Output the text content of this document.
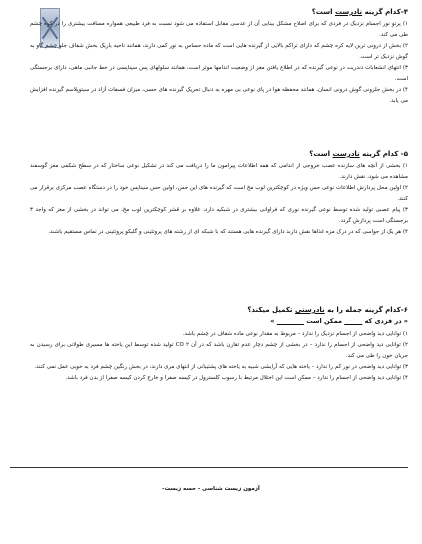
۴-کدام گزینه نادرست است؟

۱) پرتو نور اجسام نزدیک در فردی که برای اصلاح مشکل بینایی آن از عدسی مقابل استفاده می شود نسبت به فرد طبیعی همواره مسافت بیشتری را در کره چشم طی می کند.

۲) بخش از درونی ترین لایه کره چشم که دارای تراکم بالایی از گیرنده هایی است که ماده حساس به نور کمی دارند، همانند ناحیه باریک بخش شفاف جلو چشم گاو به گوش نزدیک تر است.

۳) انتهای انشعابات دندریت در نوعی گیرنده که در اطلاع یافتن مغز از وضعیت اندامها موثر است، همانند سلولهای پس سیناپسی در خط جانبی ماهی، دارای برجستگی است.

۴) در بخش حلزونی گوش درونی انسان، همانند محفظه هوا در پای نوعی بی مهره به دنبال تحریک گیرنده های حسی، میزان فسفات آزاد در سیتوپلاسم گیرنده افزایش می یابد.

۵- کدام گزینه نادرست است؟

۱) بخشی از آنچه های سازنده عصب خروجی از اندامی که همه اطلاعات پیرامون ما را دریافت می کند در تشکیل نوعی ساختار که در سطح شکمی مغز گوسفند مشاهده می شود، نقش دارند.

۲) اولین محل پردازش اطلاعات نوعی حس ویژه در کوچکترین لوب مخ است که گیرنده های این حس، اولین حس سیناپس خود را در دستگاه عصب مرکزی برقرار می کنند.

۳) پیام عصبی تولید شده توسط نوعی گیرنده نوری که فراوانی بیشتری در شبکیه دارد، علاوه بر قشر کوچکترین لوب مخ، می تواند در بخشی از مغز که واجد ۳ برجستگی است پردازش گردد.

۴) هر یک از حواسی که در درک مزه غذاها نقش دارند دارای گیرنده هایی هستند که با شبکه ای از رشته های پروتئینی و گلیکو پروتئینی در تماس مستقیم باشند.

۶-کدام گزینه جمله را به نادرستی تکمیل میکند؟

« در فردی که          ممکن است              »

۱) توانایی دید واضحی از اجسام نزدیک را ندارد – مربوط به مقدار نوعی ماده شفاف در چشم باشد.

۲) توانایی دید واضحی از اجسام را ندارد – در بخشی از چشم دچار عدم تقارن باشد که در آن CO ۲ تولید شده توسط این یاخته ها مسیری طولانی برای رسیدن به جریان خون را طی می کند.

۳) توانایی دید واضحی در نور کم را ندارد – یاخته هایی که آرایشی شبیه به یاخته های پشتیبانی از انتهای مری دارند، در بخش رنگین چشم فرد به خوبی عمل نمی کنند.

۴) توانایی دید واضحی از اجسام را ندارد – ممکن است این اختلال مرتبط با رسوب کلسترول در کیسه صفرا و خارج کردن کیسه صفرا از بدن فرد باشد.

آزمون زیست شناسی - حسه زیست-
